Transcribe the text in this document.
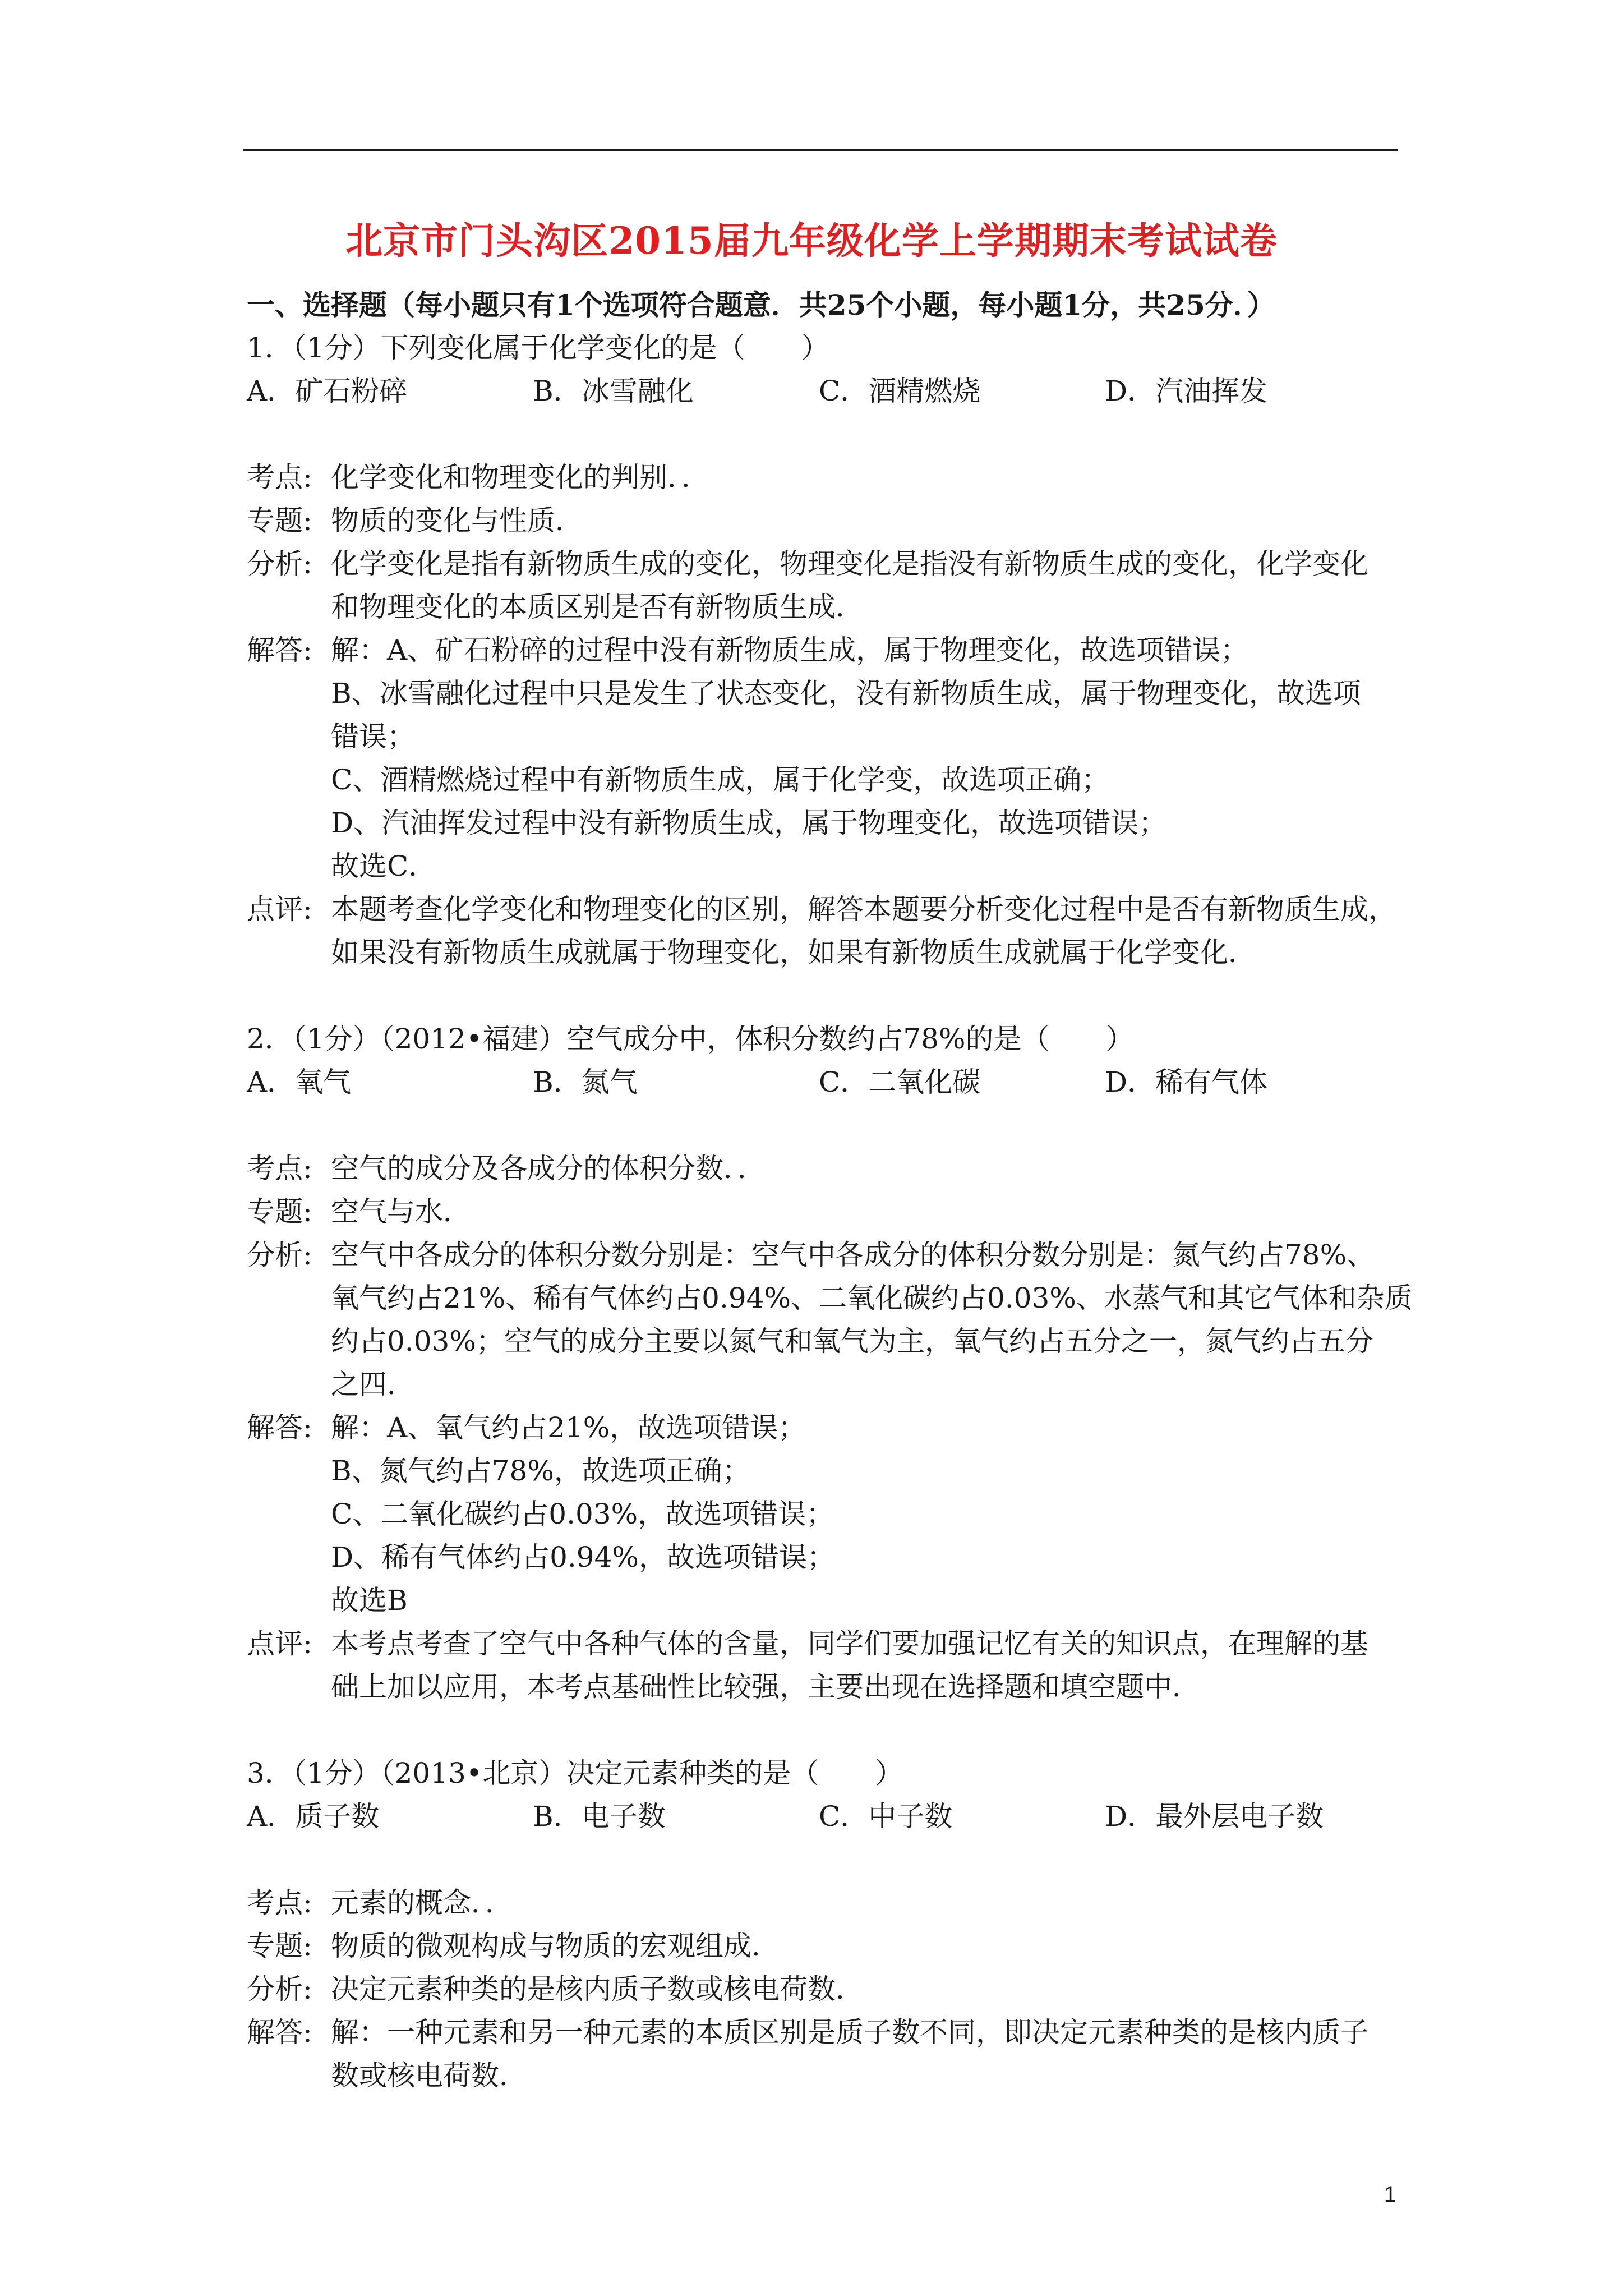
北京市门头沟区2015届九年级化学上学期期末考试试卷
一、选择题（每小题只有1个选项符合题意．共25个小题，每小题1分，共25分．）
1．（1分）下列变化属于化学变化的是（　　）
A．矿石粉碎	B．冰雪融化	C．酒精燃烧	D．汽油挥发
考点: 化学变化和物理变化的判别．．
专题: 物质的变化与性质．
分析: 化学变化是指有新物质生成的变化，物理变化是指没有新物质生成的变化，化学变化
和物理变化的本质区别是否有新物质生成．
解答: 解：A、矿石粉碎的过程中没有新物质生成，属于物理变化，故选项错误；
B、冰雪融化过程中只是发生了状态变化，没有新物质生成，属于物理变化，故选项
错误；
C、酒精燃烧过程中有新物质生成，属于化学变，故选项正确；
D、汽油挥发过程中没有新物质生成，属于物理变化，故选项错误；
故选C．
点评: 本题考查化学变化和物理变化的区别，解答本题要分析变化过程中是否有新物质生成，
如果没有新物质生成就属于物理变化，如果有新物质生成就属于化学变化．
2．（1分）（2012•福建）空气成分中，体积分数约占78%的是（　　）
A．氧气	B．氮气	C．二氧化碳	D．稀有气体
考点: 空气的成分及各成分的体积分数．．
专题: 空气与水．
分析: 空气中各成分的体积分数分别是：空气中各成分的体积分数分别是：氮气约占78%、
氧气约占21%、稀有气体约占0.94%、二氧化碳约占0.03%、水蒸气和其它气体和杂质
约占0.03%；空气的成分主要以氮气和氧气为主，氧气约占五分之一，氮气约占五分
之四．
解答: 解：A、氧气约占21%，故选项错误；
B、氮气约占78%，故选项正确；
C、二氧化碳约占0.03%，故选项错误；
D、稀有气体约占0.94%，故选项错误；
故选B
点评: 本考点考查了空气中各种气体的含量，同学们要加强记忆有关的知识点，在理解的基
础上加以应用，本考点基础性比较强，主要出现在选择题和填空题中．
3．（1分）（2013•北京）决定元素种类的是（　　）
A．质子数	B．电子数	C．中子数	D．最外层电子数
考点: 元素的概念．．
专题: 物质的微观构成与物质的宏观组成．
分析: 决定元素种类的是核内质子数或核电荷数．
解答: 解：一种元素和另一种元素的本质区别是质子数不同，即决定元素种类的是核内质子
数或核电荷数．
1
